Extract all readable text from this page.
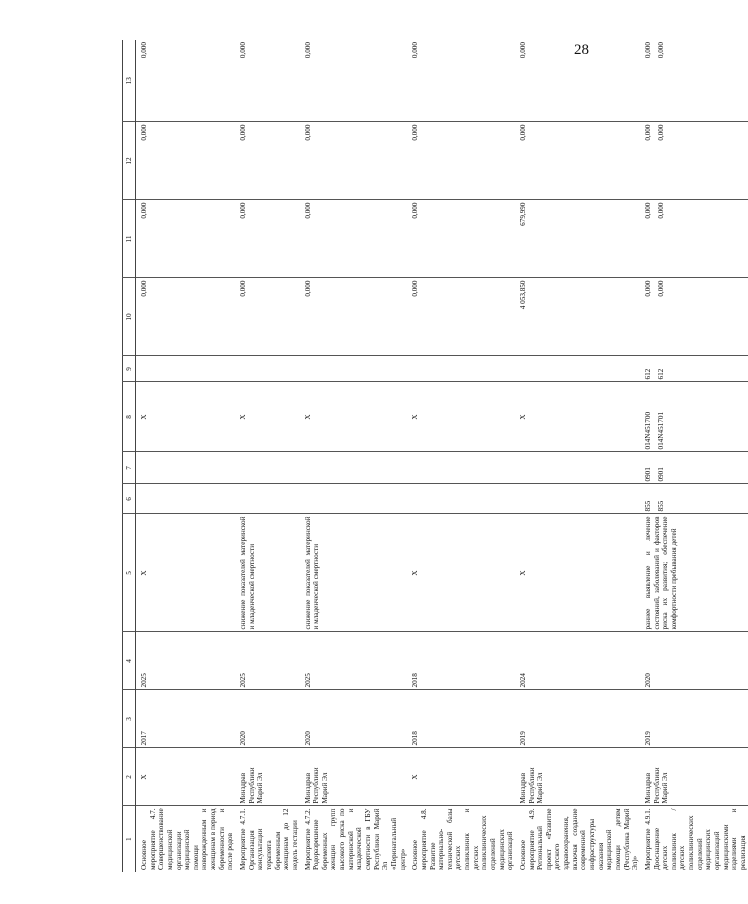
28
1	2	3	4	5	6	7	8	9	10	11	12	13
Основное мероприятие 4.7. Совершенствование медицинской организации медицинской помощи новорожденным и женщинам в период беременности и после родов	Х	2017	2025	Х			Х		0,000	0,000	0,000	0,000
Мероприятие 4.7.1. Организация консультации терапевта беременным женщинам до 12 недель гестации	Минздрав Республики Марий Эл	2020	2025	снижение показателей материнской и младенческой смертности			Х		0,000	0,000	0,000	0,000
Мероприятие 4.7.2. Родоразрешение беременных женщин групп высокого риска по материнской и младенческой смертности в ГБУ Республики Марий Эл «Перинатальный центр»	Минздрав Республики Марий Эл	2020	2025	снижение показателей материнской и младенческой смертности			Х		0,000	0,000	0,000	0,000
Основное мероприятие 4.8. Развитие материально-технической базы детских поликлиник и детских поликлинических отделений медицинских организаций	Х	2018	2018	Х			Х		0,000	0,000	0,000	0,000
Основное мероприятие 4.9. Региональный проект «Развитие детского здравоохранения, включая создание современной инфраструктуры оказания медицинской помощи детям (Республика Марий Эл)»	Минздрав Республики Марий Эл	2019	2024	Х			Х		4 053,850	679,990	0,000	0,000
Мероприятие 4.9.1. Дооснащение детских поликлиник / детских поликлинических отделений медицинских организаций медицинскими изделиями и реализация	Минздрав Республики Марий Эл	2019	2020	раннее выявление и лечение состояний, заболеваний и факторов риска их развития; обеспечение комфортности пребывания детей	855 855	0901 0901	014N451700 014N451701	612 612	0,000 0,000	0,000 0,000	0,000 0,000	0,000 0,000
